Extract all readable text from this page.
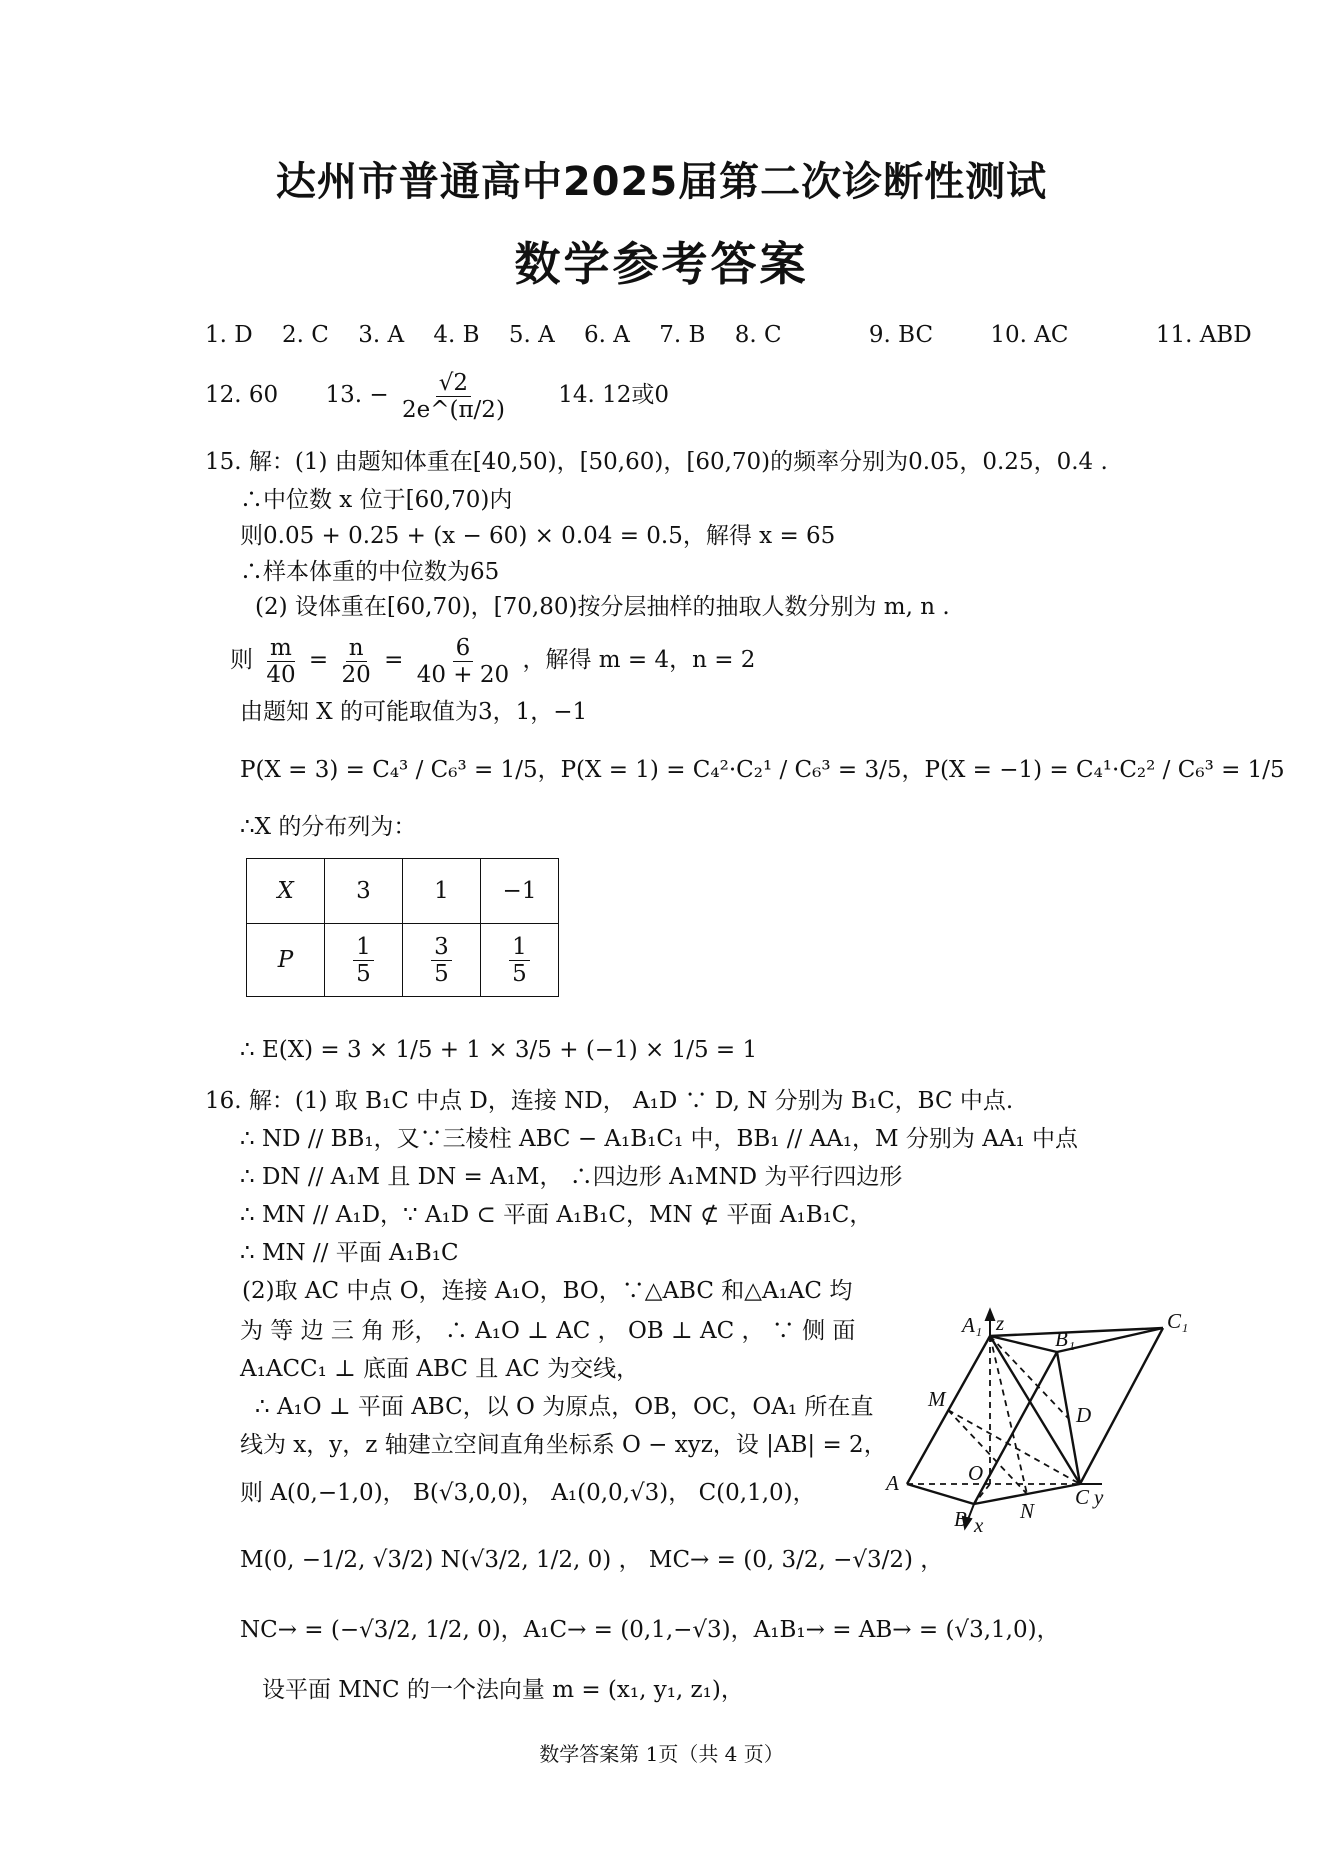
达州市普通高中2025届第二次诊断性测试
数学参考答案
1. D 2. C 3. A 4. B 5. A 6. A 7. B 8. C	9. BC 10. AC	11. ABD
12. 60 13. − $\frac{√2}{2e\^{}(\pi/2)} 14$. 12或0
15. 解：(1) 由题知体重在[40,50)，[50,60)，[60,70)的频率分别为0.05，0.25，0.4 .
∴中位数 x 位于[60,70)内
则0.05 + 0.25 + (x − 60) × 0.04 = 0.5，解得 x = 65
∴样本体重的中位数为65
(2) 设体重在[60,70)，[70,80)按分层抽样的抽取人数分别为 m, n .
则 $\frac{m}{40} = \frac{n}{20} = \frac{6}{40 + 20}$ ，解得 m = 4，n = 2
由题知 X 的可能取值为3，1，−1
P(X = 3) = C₄³ / C₆³ = 1/5，P(X = 1) = C₄²·C₂¹ / C₆³ = 3/5，P(X = −1) = C₄¹·C₂² / C₆³ = 1/5
∴X 的分布列为：
X	3	1	−1
P	$\frac{1}{5}$	$\frac{3}{5}$	$\frac{1}{5}$
∴ E(X) = 3 × 1/5 + 1 × 3/5 + (−1) × 1/5 = 1
16. 解：(1) 取 B₁C 中点 D，连接 ND， A₁D ∵ D, N 分别为 B₁C，BC 中点.
∴ ND // BB₁，又∵三棱柱 ABC − A₁B₁C₁ 中，BB₁ // AA₁，M 分别为 AA₁ 中点
∴ DN // A₁M 且 DN = A₁M， ∴四边形 A₁MND 为平行四边形
∴ MN // A₁D，∵ A₁D ⊂ 平面 A₁B₁C，MN ⊄ 平面 A₁B₁C，
∴ MN // 平面 A₁B₁C
(2)取 AC 中点 O，连接 A₁O，BO，∵△ABC 和△A₁AC 均
为 等 边 三 角 形， ∴ A₁O ⊥ AC ， OB ⊥ AC ， ∵ 侧 面
A₁ACC₁ ⊥ 底面 ABC 且 AC 为交线，
∴ A₁O ⊥ 平面 ABC，以 O 为原点，OB，OC，OA₁ 所在直
线为 x，y，z 轴建立空间直角坐标系 O − xyz，设 |AB| = 2，
则 A(0,−1,0)， B(√3,0,0)， A₁(0,0,√3)， C(0,1,0)，
M(0, −1/2, √3/2) N(√3/2, 1/2, 0) ， MC→ = (0, 3/2, −√3/2) ，
NC→ = (−√3/2, 1/2, 0)，A₁C→ = (0,1,−√3)，A₁B₁→ = AB→ = (√3,1,0)，
设平面 MNC 的一个法向量 m = (x₁, y₁, z₁)，
A₁ z	C₁
B₁
M
D
A	O
C y
B x
N
数学答案第 1页（共 4 页）
